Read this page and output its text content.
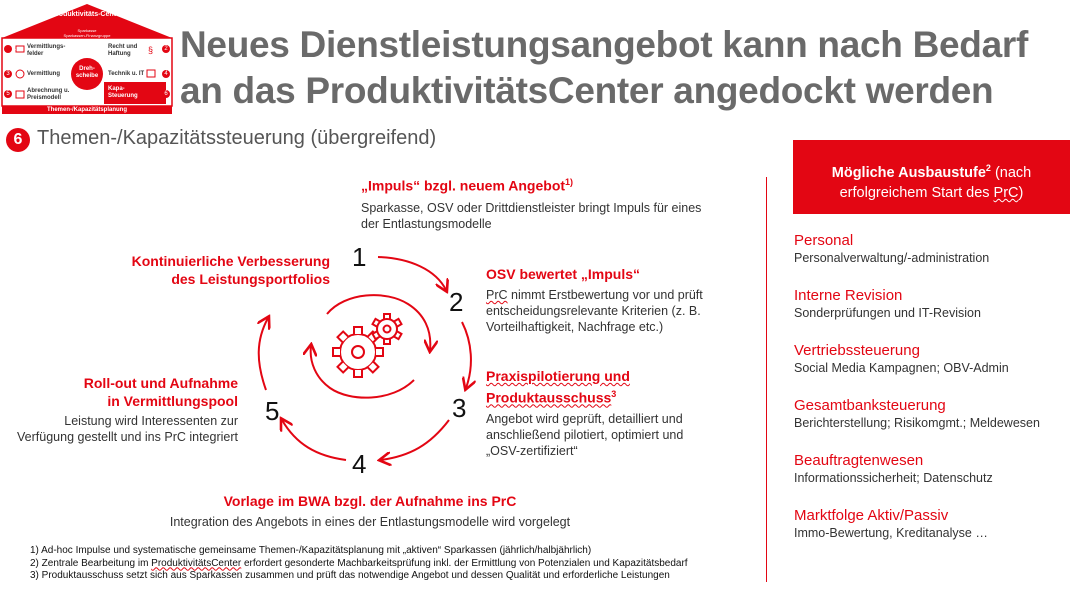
§
Produktivitäts-Center
Sparkasse
Sparkassen-Finanzgruppe
Dreh-scheibe
1	Vermittlungs-felder
2
Recht und Haftung
3	Vermittlung	4
Technik u. IT
5	Abrechnung u. Preismodell
6
Kapa-Steuerung
Themen-/Kapazitätsplanung
Neues Dienstleistungsangebot kann nach Bedarf
an das ProduktivitätsCenter angedockt werden
6 Themen-/Kapazitätssteuerung (übergreifend)
1
2
3
4
5
„Impuls“ bzgl. neuem Angebot$^{1)}$
Sparkasse, OSV oder Drittdienstleister bringt Impuls für eines
der Entlastungsmodelle
OSV bewertet „Impuls“
PrC nimmt Erstbewertung vor und prüft
entscheidungsrelevante Kriterien (z. B.
Vorteilhaftigkeit, Nachfrage etc.)
Praxispilotierung und
Produktausschuss$^3$
Angebot wird geprüft, detailliert und
anschließend pilotiert, optimiert und
„OSV-zertifiziert“
Vorlage im BWA bzgl. der Aufnahme ins PrC
Integration des Angebots in eines der Entlastungsmodelle wird vorgelegt
Roll-out und Aufnahme
in Vermittlungspool
Leistung wird Interessenten zur
Verfügung gestellt und ins PrC integriert
Kontinuierliche Verbesserung
des Leistungsportfolios
1) Ad-hoc Impulse und systematische gemeinsame Themen-/Kapazitätsplanung mit „aktiven“ Sparkassen (jährlich/halbjährlich)
2) Zentrale Bearbeitung im ProduktivitätsCenter erfordert gesonderte Machbarkeitsprüfung inkl. der Ermittlung von Potenzialen und Kapazitätsbedarf
3) Produktausschuss setzt sich aus Sparkassen zusammen und prüft das notwendige Angebot und dessen Qualität und erforderliche Leistungen
Mögliche Ausbaustufe$^2$ (nach
erfolgreichem Start des PrC)
Personal
Personalverwaltung/-administration
Interne Revision
Sonderprüfungen und IT-Revision
Vertriebssteuerung
Social Media Kampagnen; OBV-Admin
Gesamtbanksteuerung
Berichterstellung; Risikomgmt.; Meldewesen
Beauftragtenwesen
Informationssicherheit; Datenschutz
Marktfolge Aktiv/Passiv
Immo-Bewertung, Kreditanalyse …
